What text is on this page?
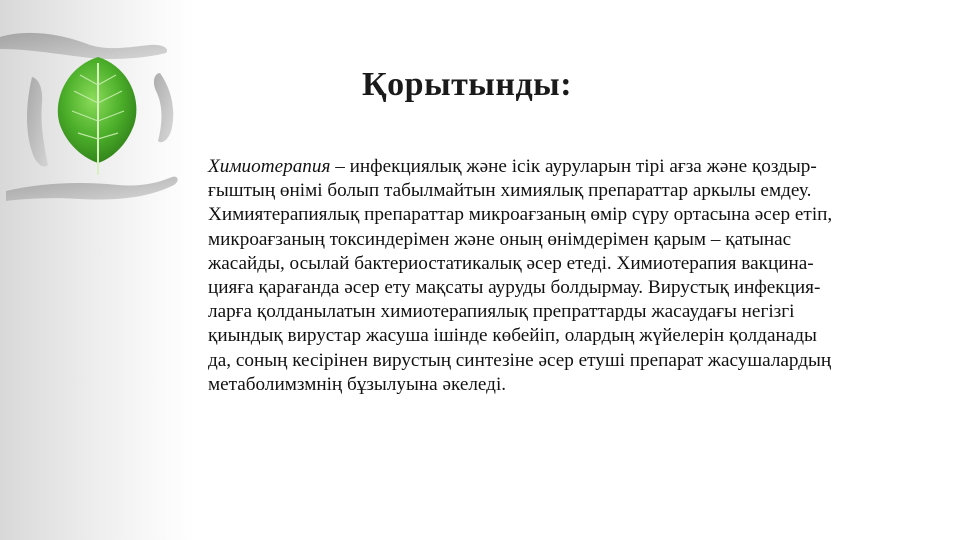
Қорытынды:
Химиотерапия – инфекциялық және ісік ауруларын тірі ағза және қоздыр-
ғыштың өнімі болып табылмайтын химиялық препараттар аркылы емдеу.
Химиятерапиялық препараттар микроағзаның өмір сүру ортасына әсер етіп,
микроағзаның токсиндерімен және оның өнімдерімен қарым – қатынас
жасайды, осылай бактериостатикалық әсер етеді. Химиотерапия вакцина-
цияға қарағанда әсер ету мақсаты ауруды болдырмау. Вирустық инфекция-
ларға қолданылатын химиотерапиялық препраттарды жасаудағы негізгі
қиындық вирустар жасуша ішінде көбейіп, олардың жүйелерін қолданады
да, соның кесірінен вирустың синтезіне әсер етуші препарат жасушалардың
метаболимзмнің бұзылуына әкеледі.
